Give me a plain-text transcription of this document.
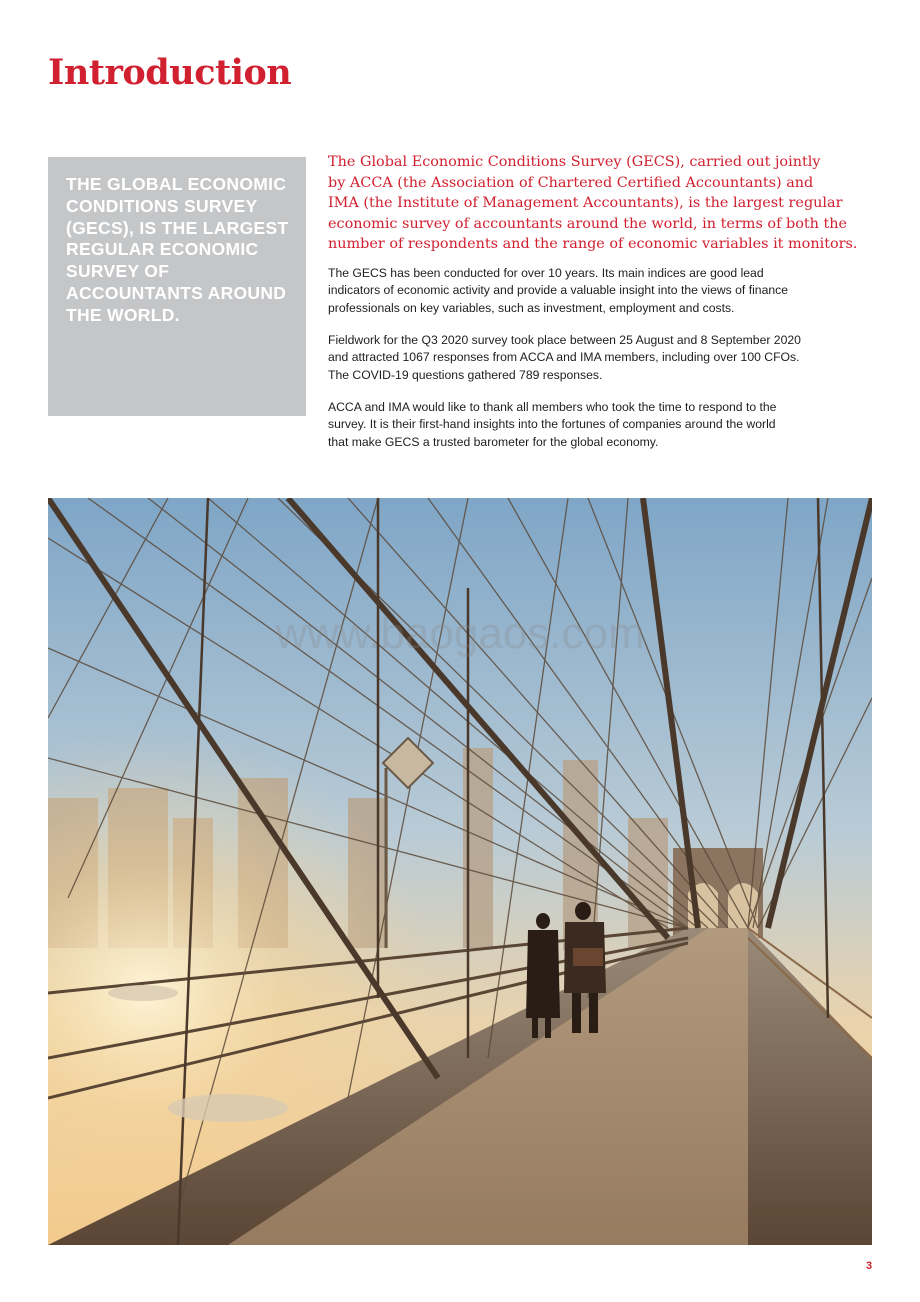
Introduction

THE GLOBAL ECONOMIC CONDITIONS SURVEY (GECS), IS THE LARGEST REGULAR ECONOMIC SURVEY OF ACCOUNTANTS AROUND THE WORLD.

The Global Economic Conditions Survey (GECS), carried out jointly
by ACCA (the Association of Chartered Certified Accountants) and
IMA (the Institute of Management Accountants), is the largest regular
economic survey of accountants around the world, in terms of both the
number of respondents and the range of economic variables it monitors.

The GECS has been conducted for over 10 years. Its main indices are good lead
indicators of economic activity and provide a valuable insight into the views of finance
professionals on key variables, such as investment, employment and costs.

Fieldwork for the Q3 2020 survey took place between 25 August and 8 September 2020
and attracted 1067 responses from ACCA and IMA members, including over 100 CFOs.
The COVID-19 questions gathered 789 responses.

ACCA and IMA would like to thank all members who took the time to respond to the
survey. It is their first-hand insights into the fortunes of companies around the world
that make GECS a trusted barometer for the global economy.

www.baogaos.com
3
